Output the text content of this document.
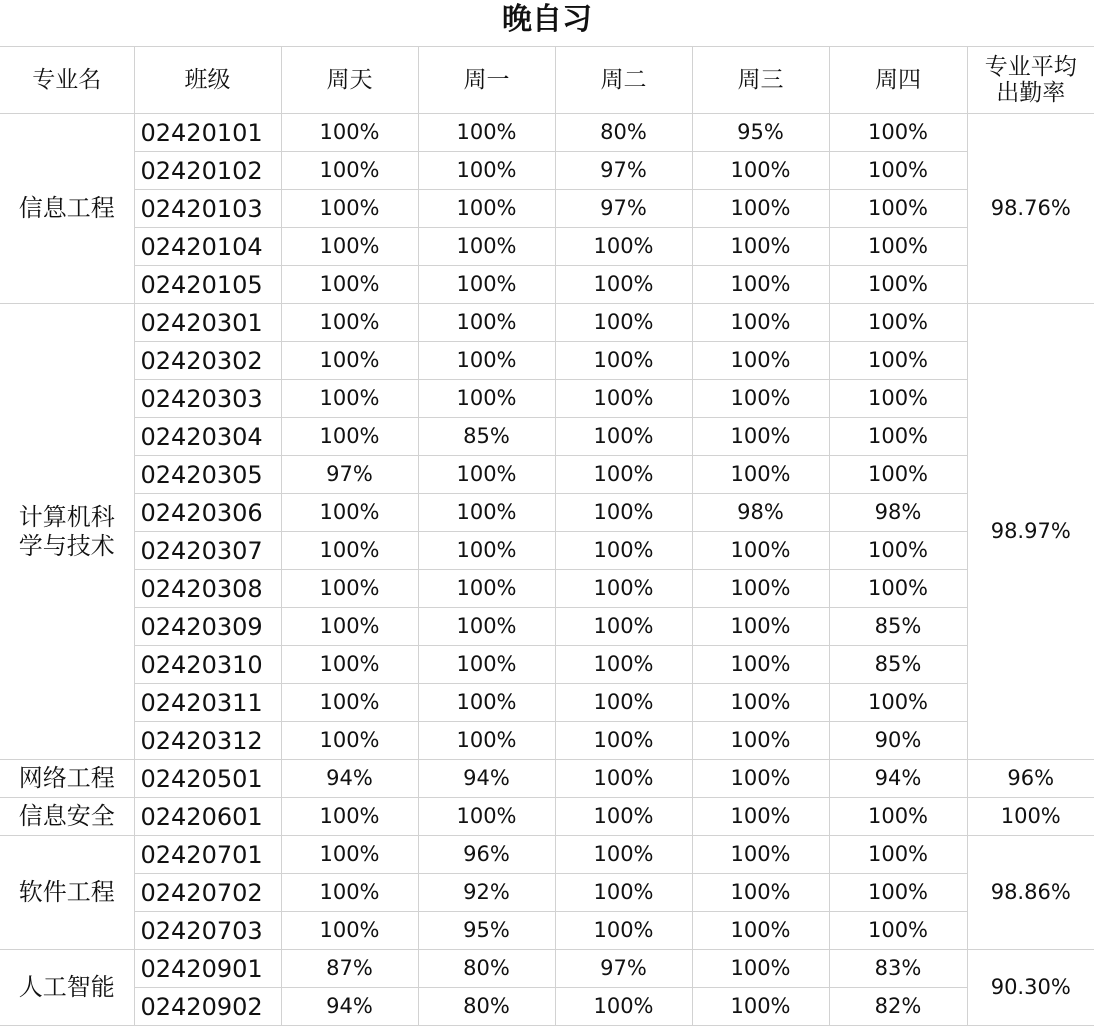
晚自习
专业名	班级	周天	周一	周二	周三	周四	专业平均
出勤率
信息工程	02420101	100%	100%	80%	95%	100%	98.76%
	02420102	100%	100%	97%	100%	100%	
	02420103	100%	100%	97%	100%	100%	
	02420104	100%	100%	100%	100%	100%	
	02420105	100%	100%	100%	100%	100%	
计算机科
学与技术	02420301	100%	100%	100%	100%	100%	98.97%
	02420302	100%	100%	100%	100%	100%	
	02420303	100%	100%	100%	100%	100%	
	02420304	100%	85%	100%	100%	100%	
	02420305	97%	100%	100%	100%	100%	
	02420306	100%	100%	100%	98%	98%	
	02420307	100%	100%	100%	100%	100%	
	02420308	100%	100%	100%	100%	100%	
	02420309	100%	100%	100%	100%	85%	
	02420310	100%	100%	100%	100%	85%	
	02420311	100%	100%	100%	100%	100%	
	02420312	100%	100%	100%	100%	90%	
网络工程	02420501	94%	94%	100%	100%	94%	96%
信息安全	02420601	100%	100%	100%	100%	100%	100%
软件工程	02420701	100%	96%	100%	100%	100%	98.86%
	02420702	100%	92%	100%	100%	100%	
	02420703	100%	95%	100%	100%	100%	
人工智能	02420901	87%	80%	97%	100%	83%	90.30%
	02420902	94%	80%	100%	100%	82%	
